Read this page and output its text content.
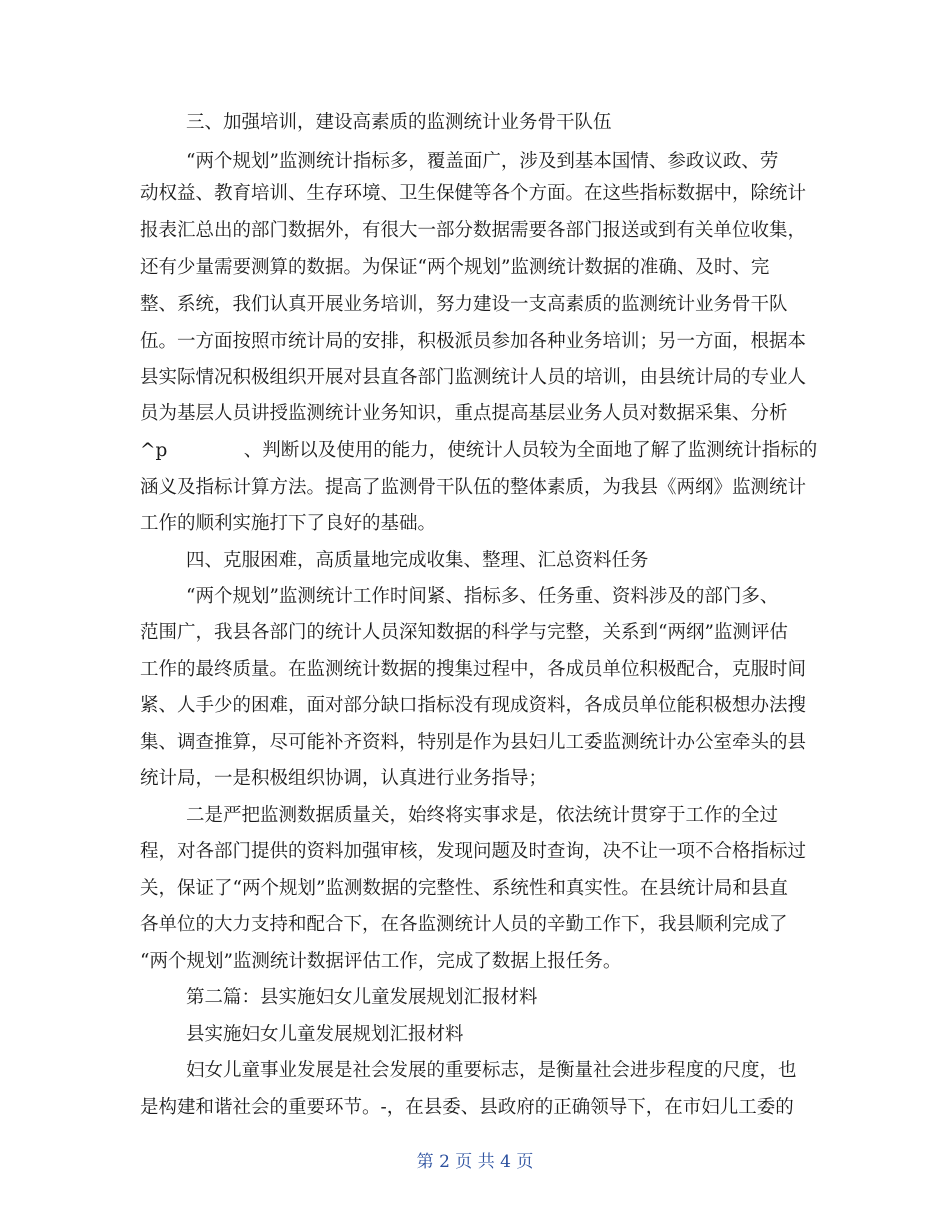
三、加强培训，建设高素质的监测统计业务骨干队伍
“两个规划”监测统计指标多，覆盖面广，涉及到基本国情、参政议政、劳
动权益、教育培训、生存环境、卫生保健等各个方面。在这些指标数据中，除统计
报表汇总出的部门数据外，有很大一部分数据需要各部门报送或到有关单位收集，
还有少量需要测算的数据。为保证“两个规划”监测统计数据的准确、及时、完
整、系统，我们认真开展业务培训，努力建设一支高素质的监测统计业务骨干队
伍。一方面按照市统计局的安排，积极派员参加各种业务培训；另一方面，根据本
县实际情况积极组织开展对县直各部门监测统计人员的培训，由县统计局的专业人
员为基层人员讲授监测统计业务知识，重点提高基层业务人员对数据采集、分析
^p             、判断以及使用的能力，使统计人员较为全面地了解了监测统计指标的
涵义及指标计算方法。提高了监测骨干队伍的整体素质，为我县《两纲》监测统计
工作的顺利实施打下了良好的基础。
四、克服困难，高质量地完成收集、整理、汇总资料任务
“两个规划”监测统计工作时间紧、指标多、任务重、资料涉及的部门多、
范围广，我县各部门的统计人员深知数据的科学与完整，关系到“两纲”监测评估
工作的最终质量。在监测统计数据的搜集过程中，各成员单位积极配合，克服时间
紧、人手少的困难，面对部分缺口指标没有现成资料，各成员单位能积极想办法搜
集、调查推算，尽可能补齐资料，特别是作为县妇儿工委监测统计办公室牵头的县
统计局，一是积极组织协调，认真进行业务指导；
二是严把监测数据质量关，始终将实事求是，依法统计贯穿于工作的全过
程，对各部门提供的资料加强审核，发现问题及时查询，决不让一项不合格指标过
关，保证了“两个规划”监测数据的完整性、系统性和真实性。在县统计局和县直
各单位的大力支持和配合下，在各监测统计人员的辛勤工作下，我县顺利完成了
“两个规划”监测统计数据评估工作，完成了数据上报任务。
第二篇：县实施妇女儿童发展规划汇报材料
县实施妇女儿童发展规划汇报材料
妇女儿童事业发展是社会发展的重要标志，是衡量社会进步程度的尺度，也
是构建和谐社会的重要环节。-，在县委、县政府的正确领导下，在市妇儿工委的
第 2 页 共 4 页
